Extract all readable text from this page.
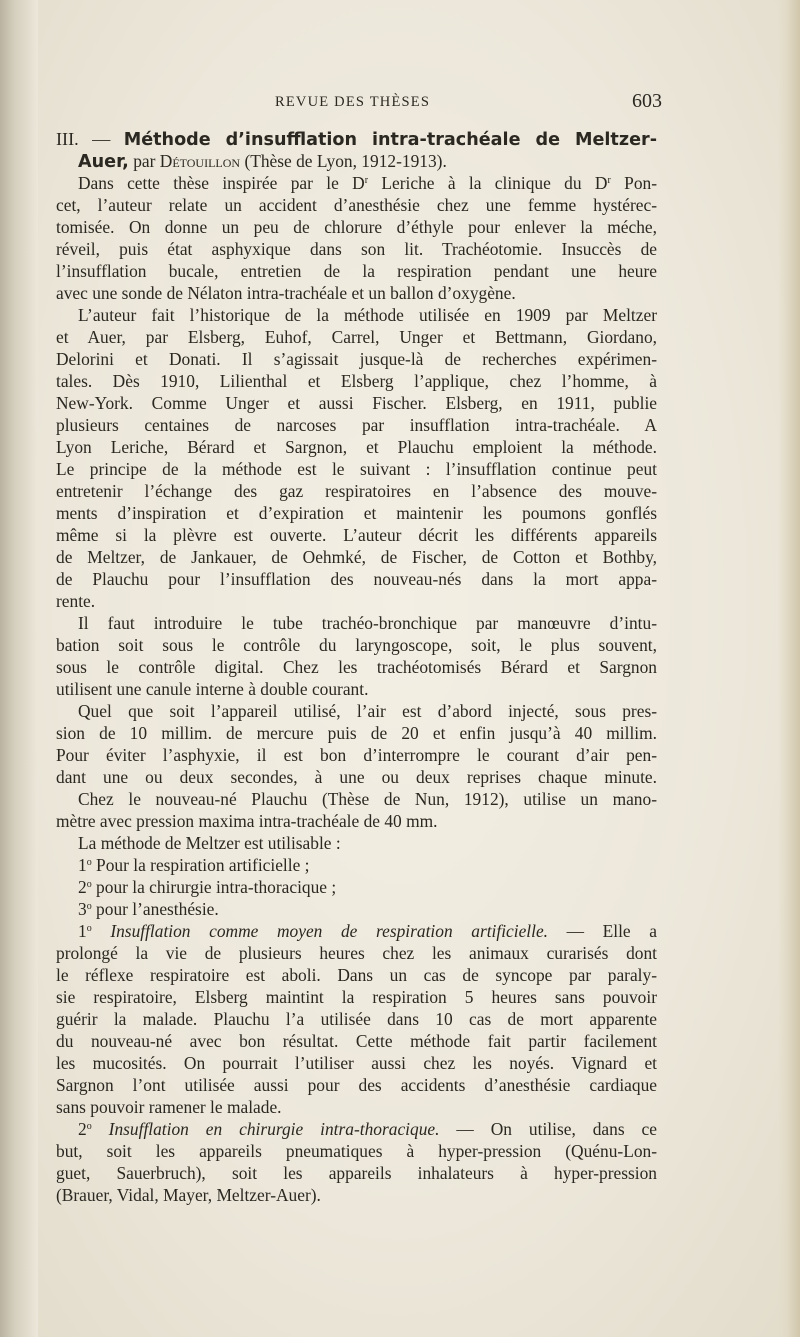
REVUE DES THÈSES	603
III. — Méthode d’insufflation intra-trachéale de Meltzer-
Auer, par Détouillon (Thèse de Lyon, 1912-1913).
Dans cette thèse inspirée par le $D^r$ Leriche à la clinique du $D^r$ Pon-
cet, l’auteur relate un accident d’anesthésie chez une femme hystérec-
tomisée. On donne un peu de chlorure d’éthyle pour enlever la méche,
réveil, puis état asphyxique dans son lit. Trachéotomie. Insuccès de
l’insufflation bucale, entretien de la respiration pendant une heure
avec une sonde de Nélaton intra-trachéale et un ballon d’oxygène.
L’auteur fait l’historique de la méthode utilisée en 1909 par Meltzer
et Auer, par Elsberg, Euhof, Carrel, Unger et Bettmann, Giordano,
Delorini et Donati. Il s’agissait jusque-là de recherches expérimen-
tales. Dès 1910, Lilienthal et Elsberg l’applique, chez l’homme, à
New-York. Comme Unger et aussi Fischer. Elsberg, en 1911, publie
plusieurs centaines de narcoses par insufflation intra-trachéale. A
Lyon Leriche, Bérard et Sargnon, et Plauchu emploient la méthode.
Le principe de la méthode est le suivant : l’insufflation continue peut
entretenir l’échange des gaz respiratoires en l’absence des mouve-
ments d’inspiration et d’expiration et maintenir les poumons gonflés
même si la plèvre est ouverte. L’auteur décrit les différents appareils
de Meltzer, de Jankauer, de Oehmké, de Fischer, de Cotton et Bothby,
de Plauchu pour l’insufflation des nouveau-nés dans la mort appa-
rente.
Il faut introduire le tube trachéo-bronchique par manœuvre d’intu-
bation soit sous le contrôle du laryngoscope, soit, le plus souvent,
sous le contrôle digital. Chez les trachéotomisés Bérard et Sargnon
utilisent une canule interne à double courant.
Quel que soit l’appareil utilisé, l’air est d’abord injecté, sous pres-
sion de 10 millim. de mercure puis de 20 et enfin jusqu’à 40 millim.
Pour éviter l’asphyxie, il est bon d’interrompre le courant d’air pen-
dant une ou deux secondes, à une ou deux reprises chaque minute.
Chez le nouveau-né Plauchu (Thèse de Nun, 1912), utilise un mano-
mètre avec pression maxima intra-trachéale de 40 mm.
La méthode de Meltzer est utilisable :
1$^o$ Pour la respiration artificielle ;
2$^o$ pour la chirurgie intra-thoracique ;
3$^o$ pour l’anesthésie.
1$^o$ Insufflation comme moyen de respiration artificielle. — Elle a
prolongé la vie de plusieurs heures chez les animaux curarisés dont
le réflexe respiratoire est aboli. Dans un cas de syncope par paraly-
sie respiratoire, Elsberg maintint la respiration 5 heures sans pouvoir
guérir la malade. Plauchu l’a utilisée dans 10 cas de mort apparente
du nouveau-né avec bon résultat. Cette méthode fait partir facilement
les mucosités. On pourrait l’utiliser aussi chez les noyés. Vignard et
Sargnon l’ont utilisée aussi pour des accidents d’anesthésie cardiaque
sans pouvoir ramener le malade.
2$^o$ Insufflation en chirurgie intra-thoracique. — On utilise, dans ce
but, soit les appareils pneumatiques à hyper-pression (Quénu-Lon-
guet, Sauerbruch), soit les appareils inhalateurs à hyper-pression
(Brauer, Vidal, Mayer, Meltzer-Auer).
